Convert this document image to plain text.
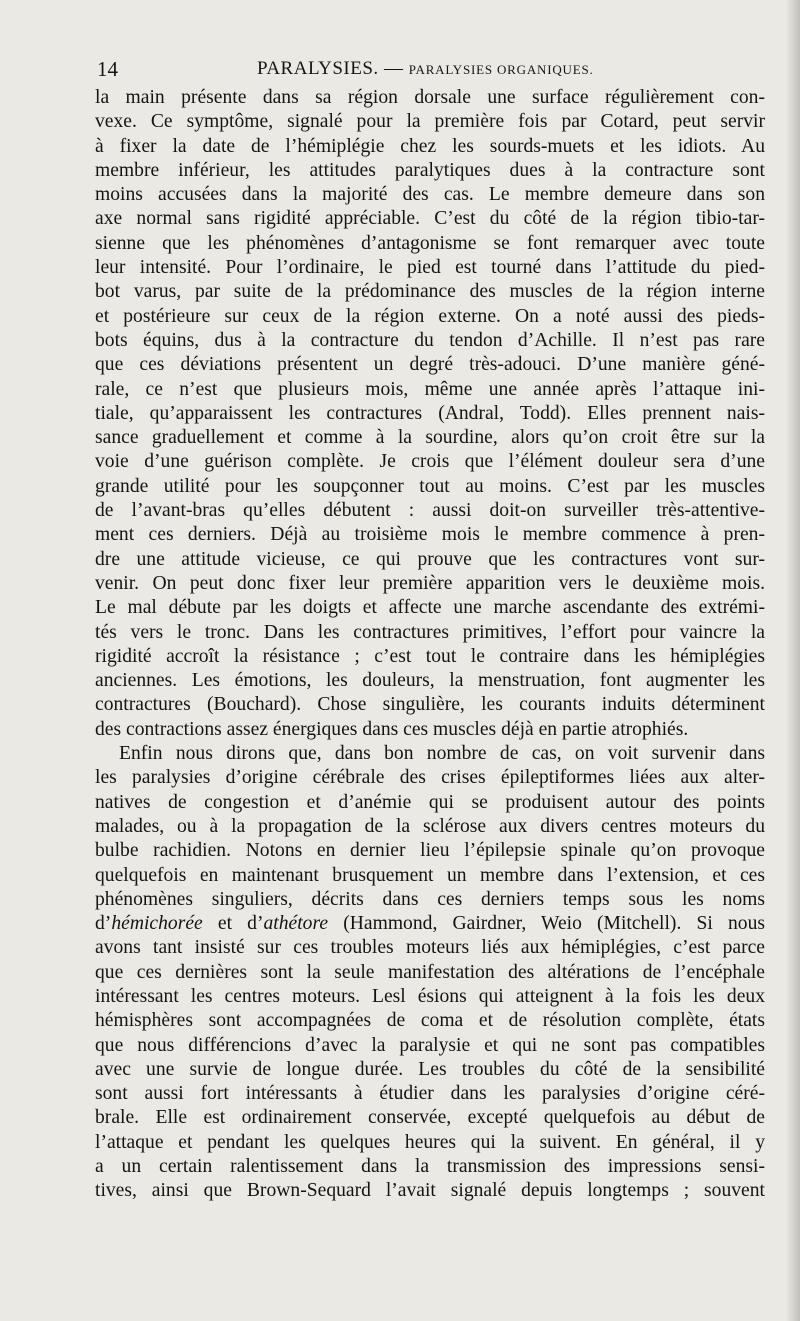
14	PARALYSIES. — PARALYSIES ORGANIQUES.
la main présente dans sa région dorsale une surface régulièrement con-
vexe. Ce symptôme, signalé pour la première fois par Cotard, peut servir
à fixer la date de l’hémiplégie chez les sourds-muets et les idiots. Au
membre inférieur, les attitudes paralytiques dues à la contracture sont
moins accusées dans la majorité des cas. Le membre demeure dans son
axe normal sans rigidité appréciable. C’est du côté de la région tibio-tar-
sienne que les phénomènes d’antagonisme se font remarquer avec toute
leur intensité. Pour l’ordinaire, le pied est tourné dans l’attitude du pied-
bot varus, par suite de la prédominance des muscles de la région interne
et postérieure sur ceux de la région externe. On a noté aussi des pieds-
bots équins, dus à la contracture du tendon d’Achille. Il n’est pas rare
que ces déviations présentent un degré très-adouci. D’une manière géné-
rale, ce n’est que plusieurs mois, même une année après l’attaque ini-
tiale, qu’apparaissent les contractures (Andral, Todd). Elles prennent nais-
sance graduellement et comme à la sourdine, alors qu’on croit être sur la
voie d’une guérison complète. Je crois que l’élément douleur sera d’une
grande utilité pour les soupçonner tout au moins. C’est par les muscles
de l’avant-bras qu’elles débutent : aussi doit-on surveiller très-attentive-
ment ces derniers. Déjà au troisième mois le membre commence à pren-
dre une attitude vicieuse, ce qui prouve que les contractures vont sur-
venir. On peut donc fixer leur première apparition vers le deuxième mois.
Le mal débute par les doigts et affecte une marche ascendante des extrémi-
tés vers le tronc. Dans les contractures primitives, l’effort pour vaincre la
rigidité accroît la résistance ; c’est tout le contraire dans les hémiplégies
anciennes. Les émotions, les douleurs, la menstruation, font augmenter les
contractures (Bouchard). Chose singulière, les courants induits déterminent
des contractions assez énergiques dans ces muscles déjà en partie atrophiés.
Enfin nous dirons que, dans bon nombre de cas, on voit survenir dans
les paralysies d’origine cérébrale des crises épileptiformes liées aux alter-
natives de congestion et d’anémie qui se produisent autour des points
malades, ou à la propagation de la sclérose aux divers centres moteurs du
bulbe rachidien. Notons en dernier lieu l’épilepsie spinale qu’on provoque
quelquefois en maintenant brusquement un membre dans l’extension, et ces
phénomènes singuliers, décrits dans ces derniers temps sous les noms
d’hémichorée et d’athétore (Hammond, Gairdner, Weio (Mitchell). Si nous
avons tant insisté sur ces troubles moteurs liés aux hémiplégies, c’est parce
que ces dernières sont la seule manifestation des altérations de l’encéphale
intéressant les centres moteurs. Lesl ésions qui atteignent à la fois les deux
hémisphères sont accompagnées de coma et de résolution complète, états
que nous différencions d’avec la paralysie et qui ne sont pas compatibles
avec une survie de longue durée. Les troubles du côté de la sensibilité
sont aussi fort intéressants à étudier dans les paralysies d’origine céré-
brale. Elle est ordinairement conservée, excepté quelquefois au début de
l’attaque et pendant les quelques heures qui la suivent. En général, il y
a un certain ralentissement dans la transmission des impressions sensi-
tives, ainsi que Brown-Sequard l’avait signalé depuis longtemps ; souvent
